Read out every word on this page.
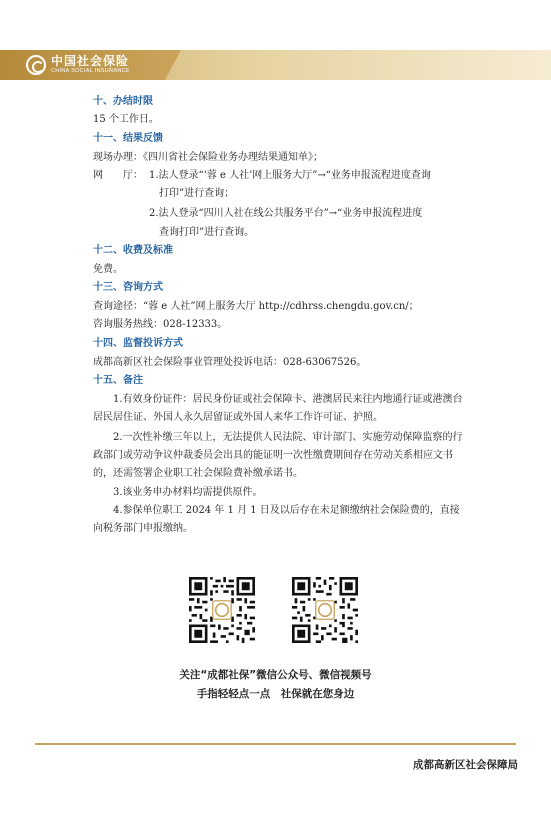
中国社会保险
CHINA SOCIAL INSURANCE
十、办结时限
15 个工作日。
十一、结果反馈
现场办理：《四川省社会保险业务办理结果通知单》；
网　　厅： 1.法人登录“‘蓉 e 人社’网上服务大厅”→“业务申报流程进度查询
打印”进行查询；
2.法人登录“四川人社在线公共服务平台”→“业务申报流程进度
查询打印”进行查询。
十二、收费及标准
免费。
十三、咨询方式
查询途径：“蓉 e 人社”网上服务大厅 http://cdhrss.chengdu.gov.cn/；
咨询服务热线：028-12333。
十四、监督投诉方式
成都高新区社会保险事业管理处投诉电话：028-63067526。
十五、备注
1.有效身份证件：居民身份证或社会保障卡、港澳居民来往内地通行证或港澳台居民居住证、外国人永久居留证或外国人来华工作许可证、护照。
2.一次性补缴三年以上，无法提供人民法院、审计部门、实施劳动保障监察的行政部门或劳动争议仲裁委员会出具的能证明一次性缴费期间存在劳动关系相应文书的，还需签署企业职工社会保险费补缴承诺书。
3.该业务申办材料均需提供原件。
4.参保单位职工 2024 年 1 月 1 日及以后存在未足额缴纳社会保险费的，直接向税务部门申报缴纳。
关注“成都社保”微信公众号、微信视频号
手指轻轻点一点　社保就在您身边
成都高新区社会保障局
